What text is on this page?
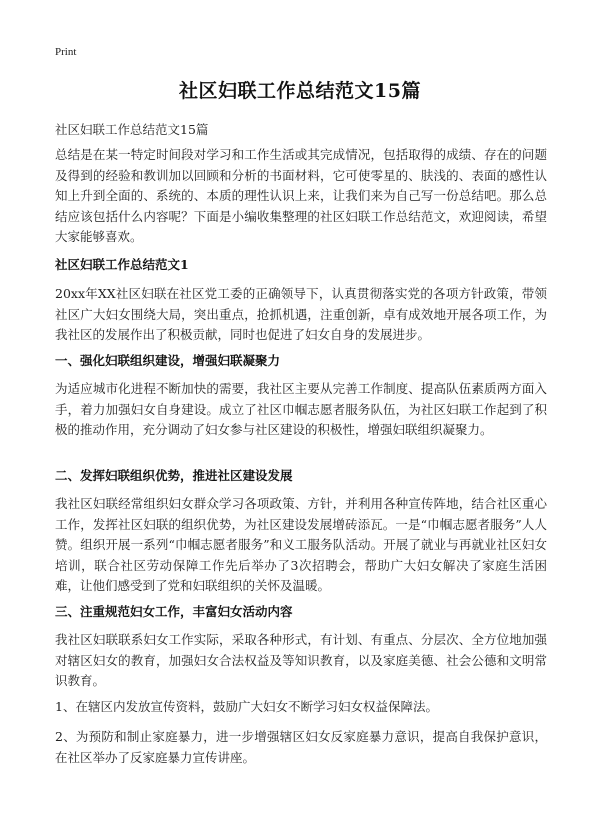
Print
社区妇联工作总结范文15篇
社区妇联工作总结范文15篇
总结是在某一特定时间段对学习和工作生活或其完成情况，包括取得的成绩、存在的问题及得到的经验和教训加以回顾和分析的书面材料，它可使零星的、肤浅的、表面的感性认知上升到全面的、系统的、本质的理性认识上来，让我们来为自己写一份总结吧。那么总结应该包括什么内容呢？下面是小编收集整理的社区妇联工作总结范文，欢迎阅读，希望大家能够喜欢。
社区妇联工作总结范文1
20xx年XX社区妇联在社区党工委的正确领导下，认真贯彻落实党的各项方针政策，带领社区广大妇女围绕大局，突出重点，抢抓机遇，注重创新，卓有成效地开展各项工作，为我社区的发展作出了积极贡献，同时也促进了妇女自身的发展进步。
一、强化妇联组织建设，增强妇联凝聚力
为适应城市化进程不断加快的需要，我社区主要从完善工作制度、提高队伍素质两方面入手，着力加强妇女自身建设。成立了社区巾帼志愿者服务队伍，为社区妇联工作起到了积极的推动作用，充分调动了妇女参与社区建设的积极性，增强妇联组织凝聚力。
二、发挥妇联组织优势，推进社区建设发展
我社区妇联经常组织妇女群众学习各项政策、方针，并利用各种宣传阵地，结合社区重心工作，发挥社区妇联的组织优势，为社区建设发展增砖添瓦。一是“巾帼志愿者服务”人人赞。组织开展一系列“巾帼志愿者服务”和义工服务队活动。开展了就业与再就业社区妇女培训，联合社区劳动保障工作先后举办了3次招聘会，帮助广大妇女解决了家庭生活困难，让他们感受到了党和妇联组织的关怀及温暖。
三、注重规范妇女工作，丰富妇女活动内容
我社区妇联联系妇女工作实际，采取各种形式，有计划、有重点、分层次、全方位地加强对辖区妇女的教育，加强妇女合法权益及等知识教育，以及家庭美德、社会公德和文明常识教育。
1、在辖区内发放宣传资料，鼓励广大妇女不断学习妇女权益保障法。
2、为预防和制止家庭暴力，进一步增强辖区妇女反家庭暴力意识，提高自我保护意识，在社区举办了反家庭暴力宣传讲座。
